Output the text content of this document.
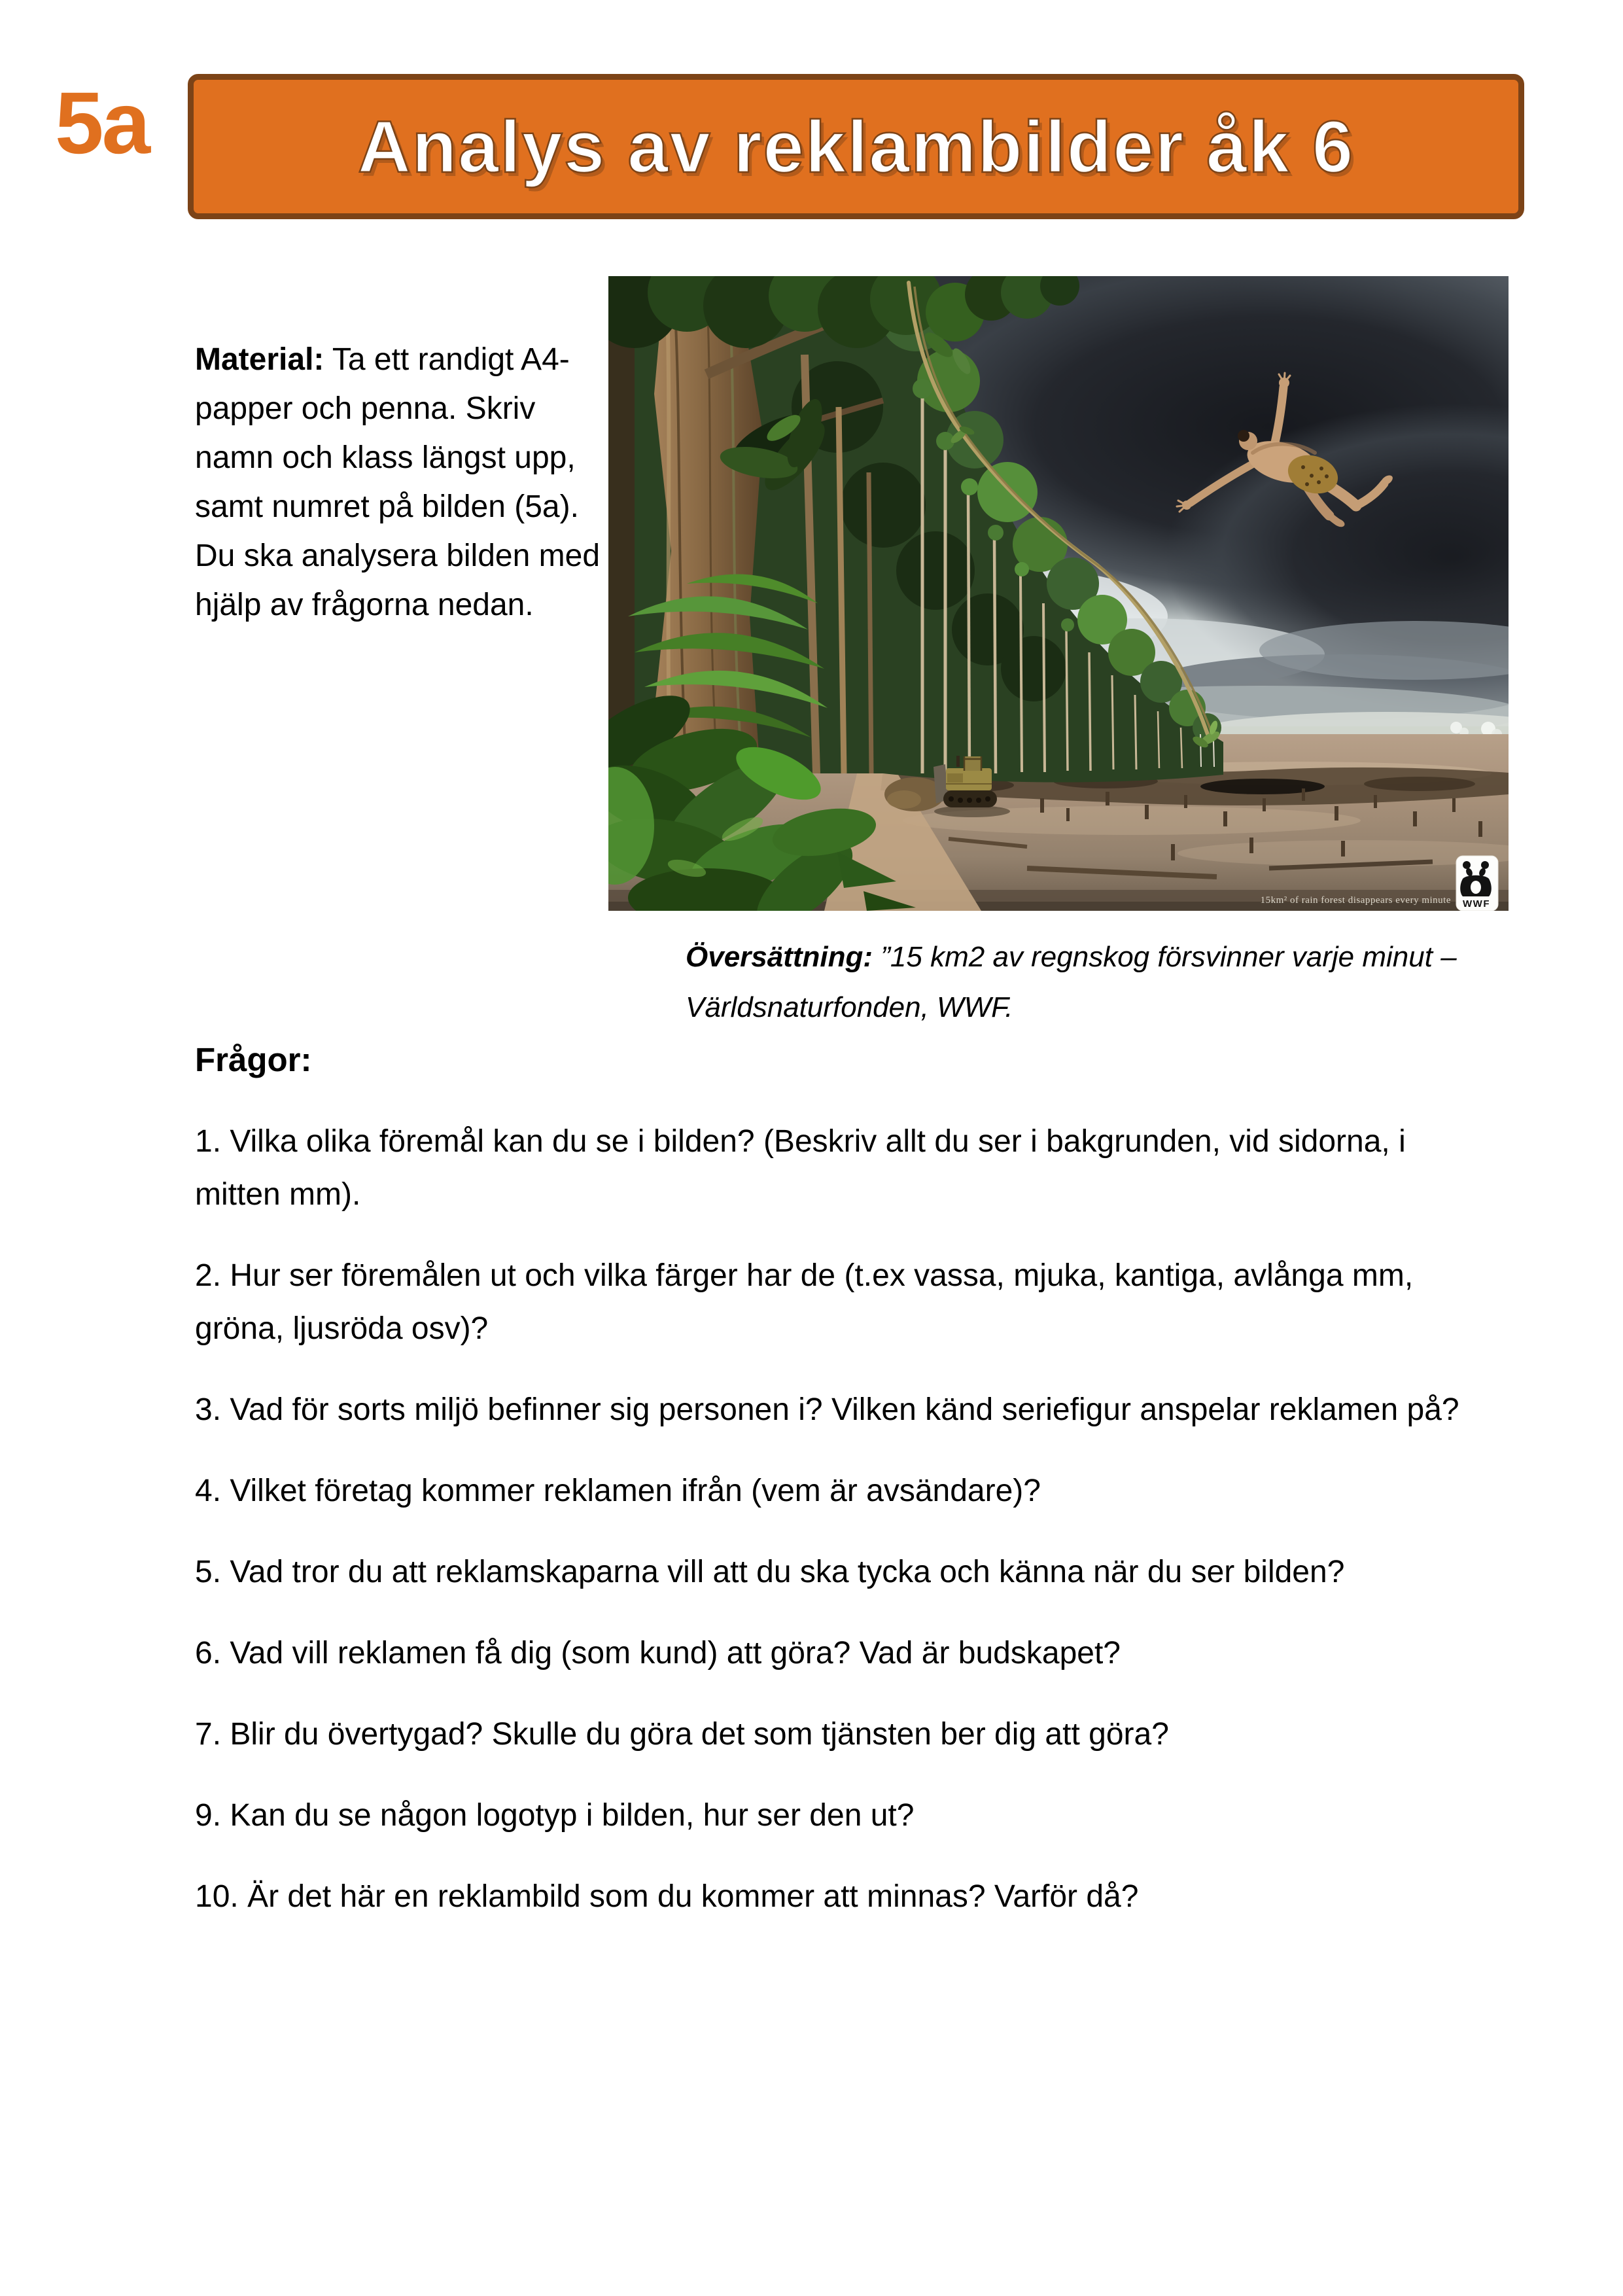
5a	Analys av reklambilder åk 6

Material: Ta ett randigt A4-papper och penna. Skriv namn och klass längst upp, samt numret på bilden (5a). Du ska analysera bilden med hjälp av frågorna nedan.

15km² of rain forest disappears every minute WWF

Översättning: ”15 km2 av regnskog försvinner varje minut – Världsnaturfonden, WWF.

Frågor:

1. Vilka olika föremål kan du se i bilden? (Beskriv allt du ser i bakgrunden, vid sidorna, i mitten mm).

2. Hur ser föremålen ut och vilka färger har de (t.ex vassa, mjuka, kantiga, avlånga mm, gröna, ljusröda osv)?

3. Vad för sorts miljö befinner sig personen i? Vilken känd seriefigur anspelar reklamen på?

4. Vilket företag kommer reklamen ifrån (vem är avsändare)?

5. Vad tror du att reklamskaparna vill att du ska tycka och känna när du ser bilden?

6. Vad vill reklamen få dig (som kund) att göra? Vad är budskapet?

7. Blir du övertygad? Skulle du göra det som tjänsten ber dig att göra?

9. Kan du se någon logotyp i bilden, hur ser den ut?

10. Är det här en reklambild som du kommer att minnas? Varför då?
